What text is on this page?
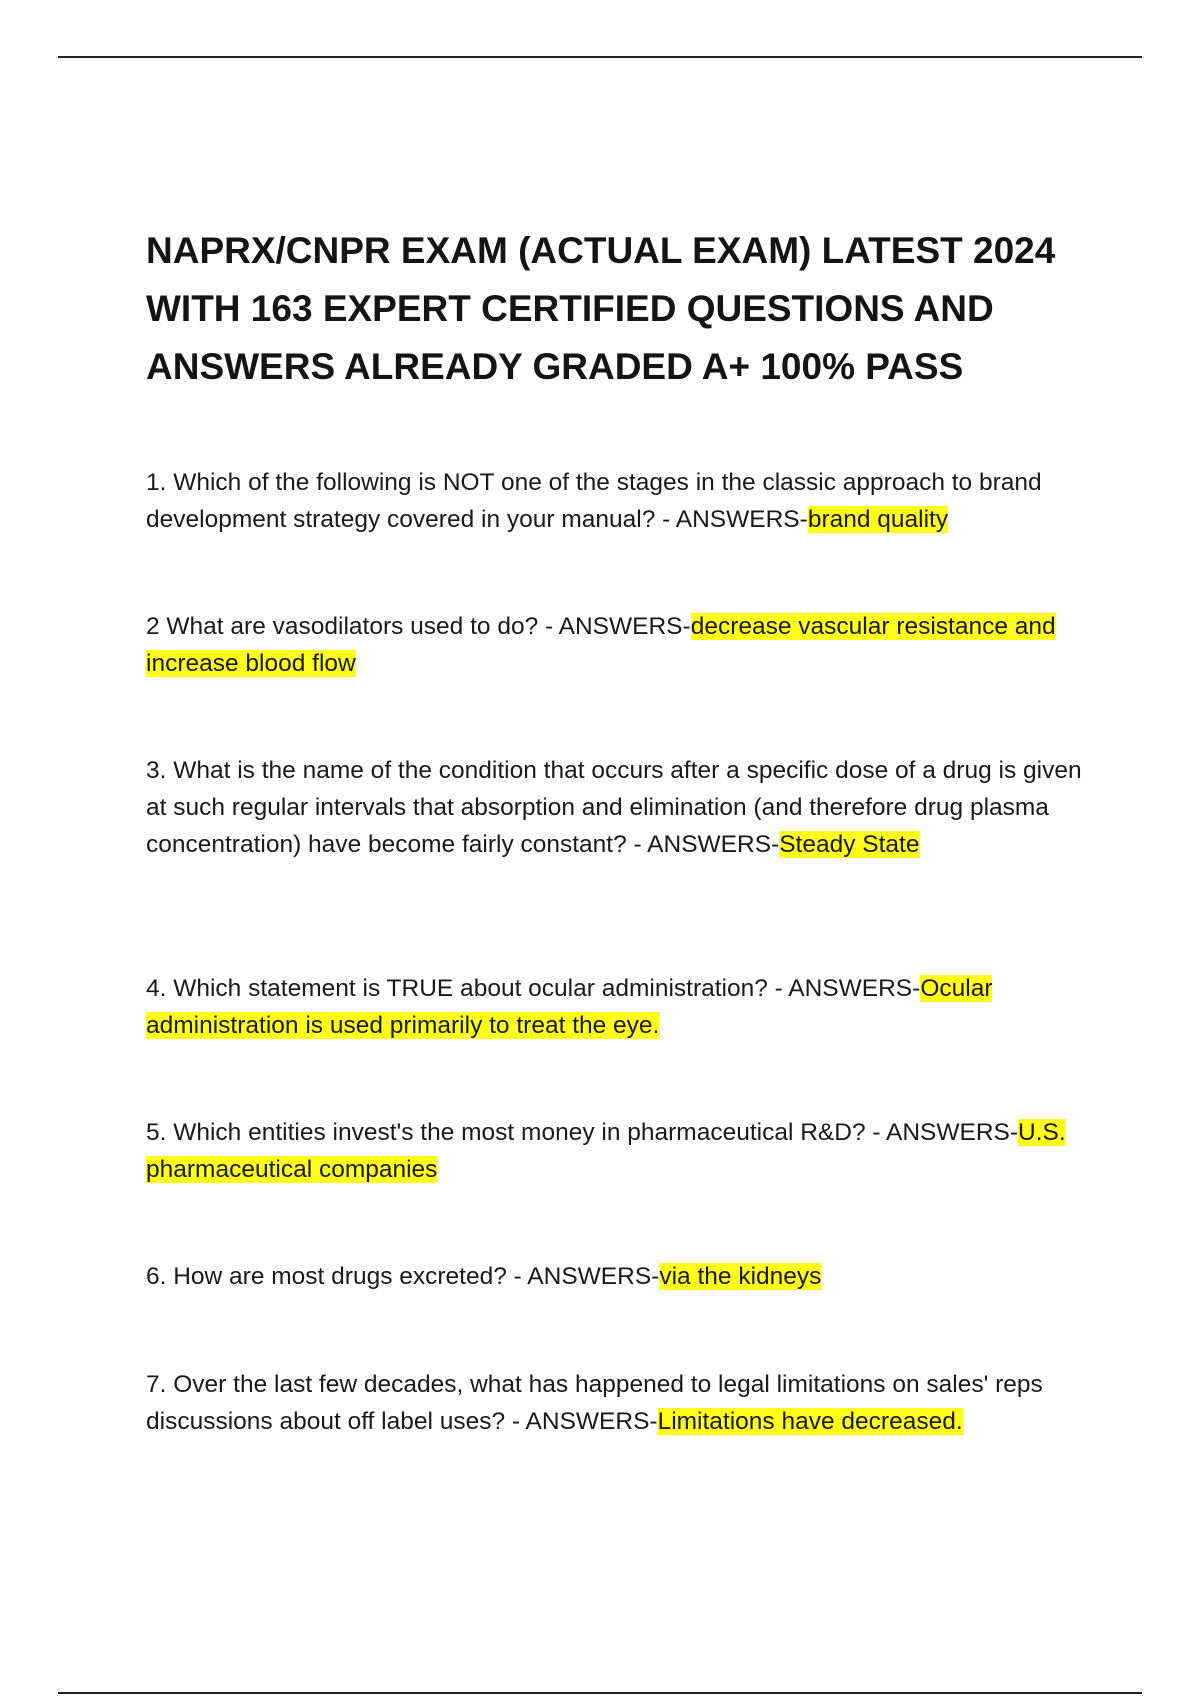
NAPRX/CNPR EXAM (ACTUAL EXAM) LATEST 2024 WITH 163 EXPERT CERTIFIED QUESTIONS AND ANSWERS ALREADY GRADED A+ 100% PASS

1. Which of the following is NOT one of the stages in the classic approach to brand development strategy covered in your manual? - ANSWERS-brand quality

2 What are vasodilators used to do? - ANSWERS-decrease vascular resistance and increase blood flow

3. What is the name of the condition that occurs after a specific dose of a drug is given at such regular intervals that absorption and elimination (and therefore drug plasma concentration) have become fairly constant? - ANSWERS-Steady State

4. Which statement is TRUE about ocular administration? - ANSWERS-Ocular administration is used primarily to treat the eye.

5. Which entities invest's the most money in pharmaceutical R&D? - ANSWERS-U.S. pharmaceutical companies

6. How are most drugs excreted? - ANSWERS-via the kidneys

7. Over the last few decades, what has happened to legal limitations on sales' reps discussions about off label uses? - ANSWERS-Limitations have decreased.
